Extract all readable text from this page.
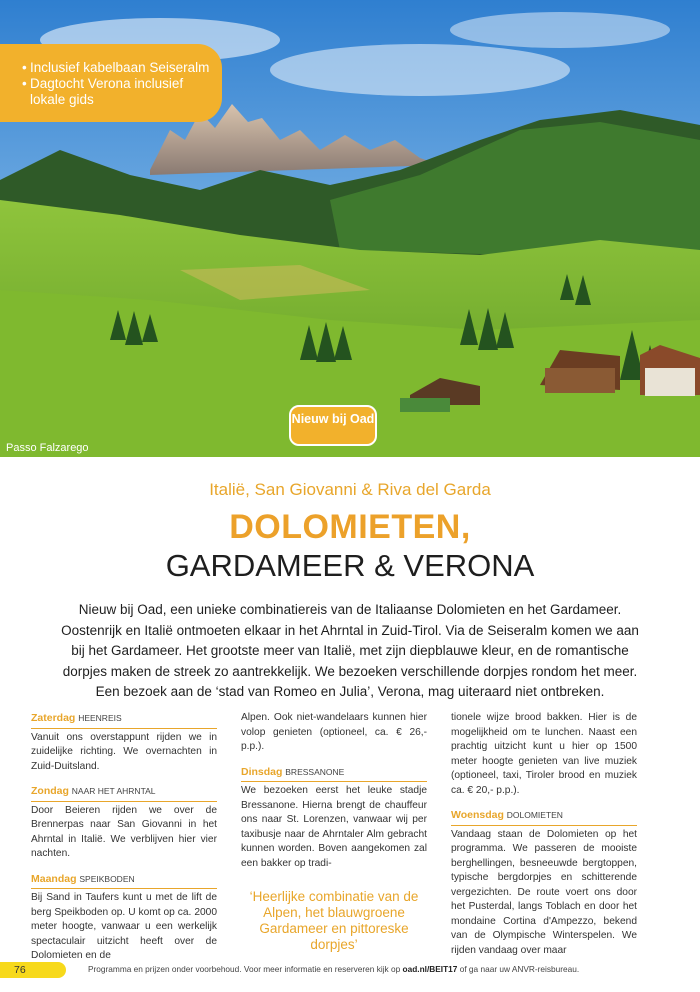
• Inclusief kabelbaan Seiseralm
• Dagtocht Verona inclusief lokale gids
Nieuw bij Oad
Passo Falzarego
Italië, San Giovanni & Riva del Garda
DOLOMIETEN,
GARDAMEER & VERONA
Nieuw bij Oad, een unieke combinatiereis van de Italiaanse Dolomieten en het Gardameer. Oostenrijk en Italië ontmoeten elkaar in het Ahrntal in Zuid-Tirol. Via de Seiseralm komen we aan bij het Gardameer. Het grootste meer van Italië, met zijn diepblauwe kleur, en de romantische dorpjes maken de streek zo aantrekkelijk. We bezoeken verschillende dorpjes rondom het meer. Een bezoek aan de ‘stad van Romeo en Julia’, Verona, mag uiteraard niet ontbreken.
Zaterdag HEENREIS
Vanuit ons overstappunt rijden we in zuidelijke richting. We overnachten in Zuid-Duitsland.
Zondag NAAR HET AHRNTAL
Door Beieren rijden we over de Brennerpas naar San Giovanni in het Ahrntal in Italië. We verblijven hier vier nachten.
Maandag SPEIKBODEN
Bij Sand in Taufers kunt u met de lift de berg Speikboden op. U komt op ca. 2000 meter hoogte, vanwaar u een werkelijk spectaculair uitzicht heeft over de Dolomieten en de
Alpen. Ook niet-wandelaars kunnen hier volop genieten (optioneel, ca. € 26,- p.p.).
Dinsdag BRESSANONE
We bezoeken eerst het leuke stadje Bressanone. Hierna brengt de chauffeur ons naar St. Lorenzen, vanwaar wij per taxibusje naar de Ahrntaler Alm gebracht kunnen worden. Boven aangekomen zal een bakker op tradi-
‘Heerlijke combinatie van de Alpen, het blauwgroene Gardameer en pittoreske dorpjes’
tionele wijze brood bakken. Hier is de mogelijkheid om te lunchen. Naast een prachtig uitzicht kunt u hier op 1500 meter hoogte genieten van live muziek (optioneel, taxi, Tiroler brood en muziek ca. € 20,- p.p.).
Woensdag DOLOMIETEN
Vandaag staan de Dolomieten op het programma. We passeren de mooiste berghellingen, besneeuwde bergtoppen, typische bergdorpjes en schitterende vergezichten. De route voert ons door het Pusterdal, langs Toblach en door het mondaine Cortina d'Ampezzo, bekend van de Olympische Winterspelen. We rijden vandaag over maar
76	Programma en prijzen onder voorbehoud. Voor meer informatie en reserveren kijk op oad.nl/BEIT17 of ga naar uw ANVR-reisbureau.
